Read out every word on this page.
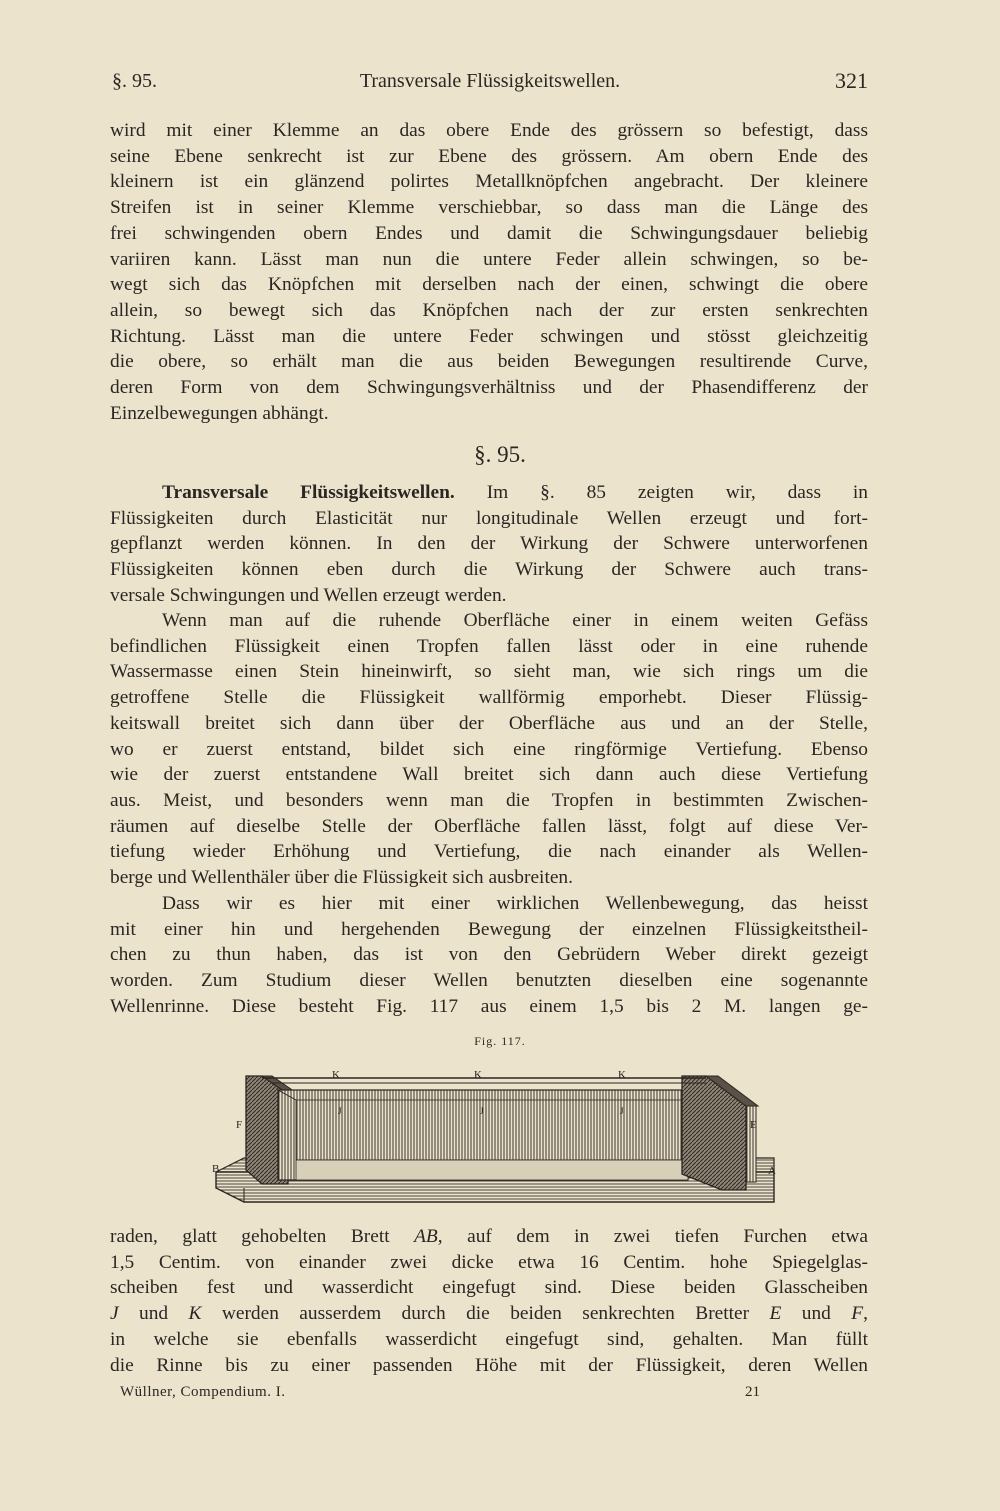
§. 95.	Transversale Flüssigkeitswellen.	321
wird mit einer Klemme an das obere Ende des grössern so befestigt, dass
seine Ebene senkrecht ist zur Ebene des grössern. Am obern Ende des
kleinern ist ein glänzend polirtes Metallknöpfchen angebracht. Der kleinere
Streifen ist in seiner Klemme verschiebbar, so dass man die Länge des
frei schwingenden obern Endes und damit die Schwingungsdauer beliebig
variiren kann. Lässt man nun die untere Feder allein schwingen, so be-
wegt sich das Knöpfchen mit derselben nach der einen, schwingt die obere
allein, so bewegt sich das Knöpfchen nach der zur ersten senkrechten
Richtung. Lässt man die untere Feder schwingen und stösst gleichzeitig
die obere, so erhält man die aus beiden Bewegungen resultirende Curve,
deren Form von dem Schwingungsverhältniss und der Phasendifferenz der
Einzelbewegungen abhängt.
§. 95.
Transversale Flüssigkeitswellen. Im §. 85 zeigten wir, dass in
Flüssigkeiten durch Elasticität nur longitudinale Wellen erzeugt und fort-
gepflanzt werden können. In den der Wirkung der Schwere unterworfenen
Flüssigkeiten können eben durch die Wirkung der Schwere auch trans-
versale Schwingungen und Wellen erzeugt werden.
Wenn man auf die ruhende Oberfläche einer in einem weiten Gefäss
befindlichen Flüssigkeit einen Tropfen fallen lässt oder in eine ruhende
Wassermasse einen Stein hineinwirft, so sieht man, wie sich rings um die
getroffene Stelle die Flüssigkeit wallförmig emporhebt. Dieser Flüssig-
keitswall breitet sich dann über der Oberfläche aus und an der Stelle,
wo er zuerst entstand, bildet sich eine ringförmige Vertiefung. Ebenso
wie der zuerst entstandene Wall breitet sich dann auch diese Vertiefung
aus. Meist, und besonders wenn man die Tropfen in bestimmten Zwischen-
räumen auf dieselbe Stelle der Oberfläche fallen lässt, folgt auf diese Ver-
tiefung wieder Erhöhung und Vertiefung, die nach einander als Wellen-
berge und Wellenthäler über die Flüssigkeit sich ausbreiten.
Dass wir es hier mit einer wirklichen Wellenbewegung, das heisst
mit einer hin und hergehenden Bewegung der einzelnen Flüssigkeitstheil-
chen zu thun haben, das ist von den Gebrüdern Weber direkt gezeigt
worden. Zum Studium dieser Wellen benutzten dieselben eine sogenannte
Wellenrinne. Diese besteht Fig. 117 aus einem 1,5 bis 2 M. langen ge-
Fig. 117.
K	K	K
J	J	J
F
B
E
A
raden, glatt gehobelten Brett AB, auf dem in zwei tiefen Furchen etwa
1,5 Centim. von einander zwei dicke etwa 16 Centim. hohe Spiegelglas-
scheiben fest und wasserdicht eingefugt sind. Diese beiden Glasscheiben
J und K werden ausserdem durch die beiden senkrechten Bretter E und F,
in welche sie ebenfalls wasserdicht eingefugt sind, gehalten. Man füllt
die Rinne bis zu einer passenden Höhe mit der Flüssigkeit, deren Wellen
Wüllner, Compendium. I.	21
